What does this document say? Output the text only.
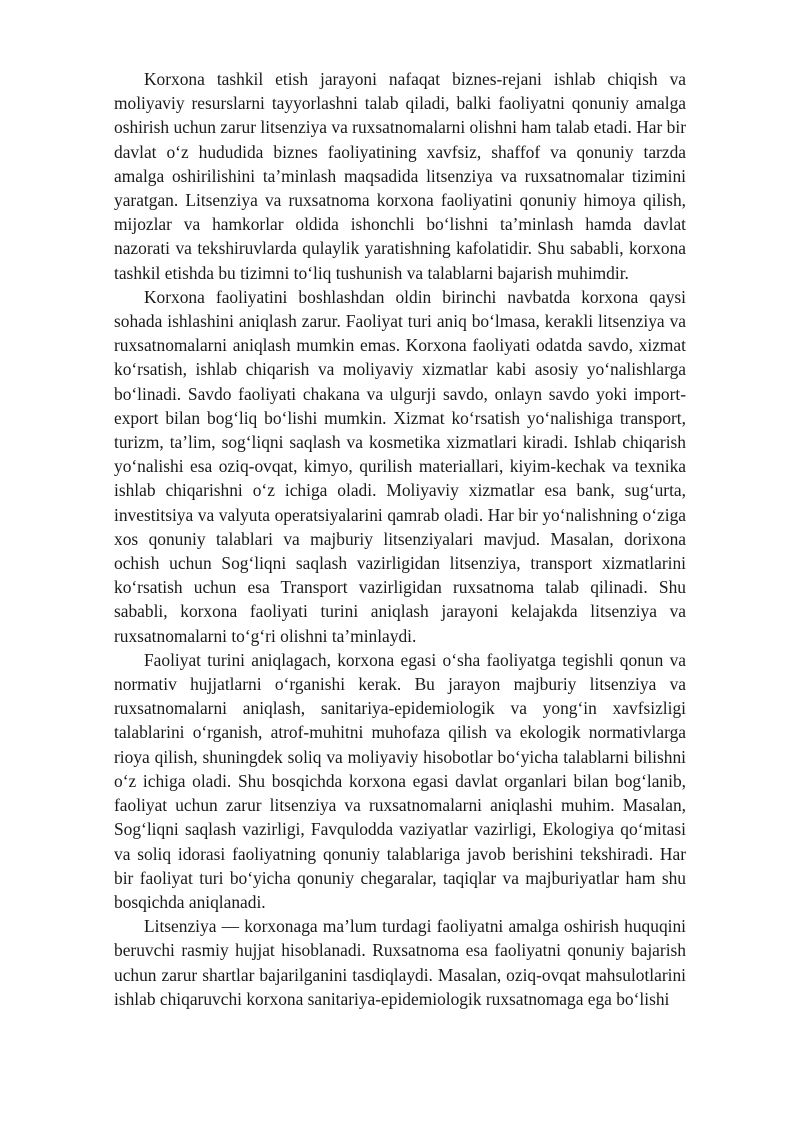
Korxona tashkil etish jarayoni nafaqat biznes-rejani ishlab chiqish va moliyaviy resurslarni tayyorlashni talab qiladi, balki faoliyatni qonuniy amalga oshirish uchun zarur litsenziya va ruxsatnomalarni olishni ham talab etadi. Har bir davlat o‘z hududida biznes faoliyatining xavfsiz, shaffof va qonuniy tarzda amalga oshirilishini ta’minlash maqsadida litsenziya va ruxsatnomalar tizimini yaratgan. Litsenziya va ruxsatnoma korxona faoliyatini qonuniy himoya qilish, mijozlar va hamkorlar oldida ishonchli bo‘lishni ta’minlash hamda davlat nazorati va tekshiruvlarda qulaylik yaratishning kafolatidir. Shu sababli, korxona tashkil etishda bu tizimni to‘liq tushunish va talablarni bajarish muhimdir.

Korxona faoliyatini boshlashdan oldin birinchi navbatda korxona qaysi sohada ishlashini aniqlash zarur. Faoliyat turi aniq bo‘lmasa, kerakli litsenziya va ruxsatnomalarni aniqlash mumkin emas. Korxona faoliyati odatda savdo, xizmat ko‘rsatish, ishlab chiqarish va moliyaviy xizmatlar kabi asosiy yo‘nalishlarga bo‘linadi. Savdo faoliyati chakana va ulgurji savdo, onlayn savdo yoki import-export bilan bog‘liq bo‘lishi mumkin. Xizmat ko‘rsatish yo‘nalishiga transport, turizm, ta’lim, sog‘liqni saqlash va kosmetika xizmatlari kiradi. Ishlab chiqarish yo‘nalishi esa oziq-ovqat, kimyo, qurilish materiallari, kiyim-kechak va texnika ishlab chiqarishni o‘z ichiga oladi. Moliyaviy xizmatlar esa bank, sug‘urta, investitsiya va valyuta operatsiyalarini qamrab oladi. Har bir yo‘nalishning o‘ziga xos qonuniy talablari va majburiy litsenziyalari mavjud. Masalan, dorixona ochish uchun Sog‘liqni saqlash vazirligidan litsenziya, transport xizmatlarini ko‘rsatish uchun esa Transport vazirligidan ruxsatnoma talab qilinadi. Shu sababli, korxona faoliyati turini aniqlash jarayoni kelajakda litsenziya va ruxsatnomalarni to‘g‘ri olishni ta’minlaydi.

Faoliyat turini aniqlagach, korxona egasi o‘sha faoliyatga tegishli qonun va normativ hujjatlarni o‘rganishi kerak. Bu jarayon majburiy litsenziya va ruxsatnomalarni aniqlash, sanitariya-epidemiologik va yong‘in xavfsizligi talablarini o‘rganish, atrof-muhitni muhofaza qilish va ekologik normativlarga rioya qilish, shuningdek soliq va moliyaviy hisobotlar bo‘yicha talablarni bilishni o‘z ichiga oladi. Shu bosqichda korxona egasi davlat organlari bilan bog‘lanib, faoliyat uchun zarur litsenziya va ruxsatnomalarni aniqlashi muhim. Masalan, Sog‘liqni saqlash vazirligi, Favqulodda vaziyatlar vazirligi, Ekologiya qo‘mitasi va soliq idorasi faoliyatning qonuniy talablariga javob berishini tekshiradi. Har bir faoliyat turi bo‘yicha qonuniy chegaralar, taqiqlar va majburiyatlar ham shu bosqichda aniqlanadi.

Litsenziya — korxonaga ma’lum turdagi faoliyatni amalga oshirish huquqini beruvchi rasmiy hujjat hisoblanadi. Ruxsatnoma esa faoliyatni qonuniy bajarish uchun zarur shartlar bajarilganini tasdiqlaydi. Masalan, oziq-ovqat mahsulotlarini ishlab chiqaruvchi korxona sanitariya-epidemiologik ruxsatnomaga ega bo‘lishi
